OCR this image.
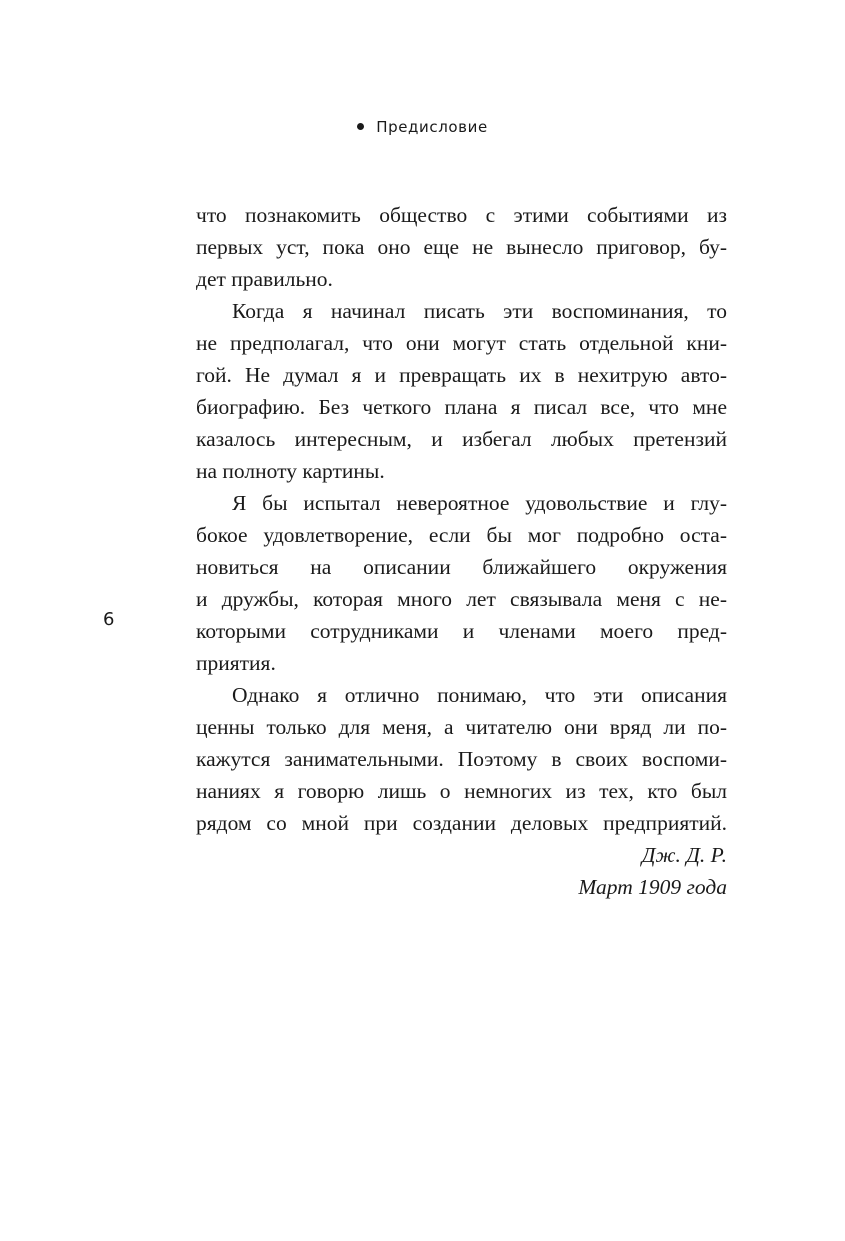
Предисловие
6
что познакомить общество с этими событиями из
первых уст, пока оно еще не вынесло приговор, бу-
дет правильно.
Когда я начинал писать эти воспоминания, то
не предполагал, что они могут стать отдельной кни-
гой. Не думал я и превращать их в нехитрую авто-
биографию. Без четкого плана я писал все, что мне
казалось интересным, и избегал любых претензий
на полноту картины.
Я бы испытал невероятное удовольствие и глу-
бокое удовлетворение, если бы мог подробно оста-
новиться на описании ближайшего окружения
и дружбы, которая много лет связывала меня с не-
которыми сотрудниками и членами моего пред-
приятия.
Однако я отлично понимаю, что эти описания
ценны только для меня, а читателю они вряд ли по-
кажутся занимательными. Поэтому в своих воспоми-
наниях я говорю лишь о немногих из тех, кто был
рядом со мной при создании деловых предприятий.
Дж. Д. Р.
Март 1909 года
